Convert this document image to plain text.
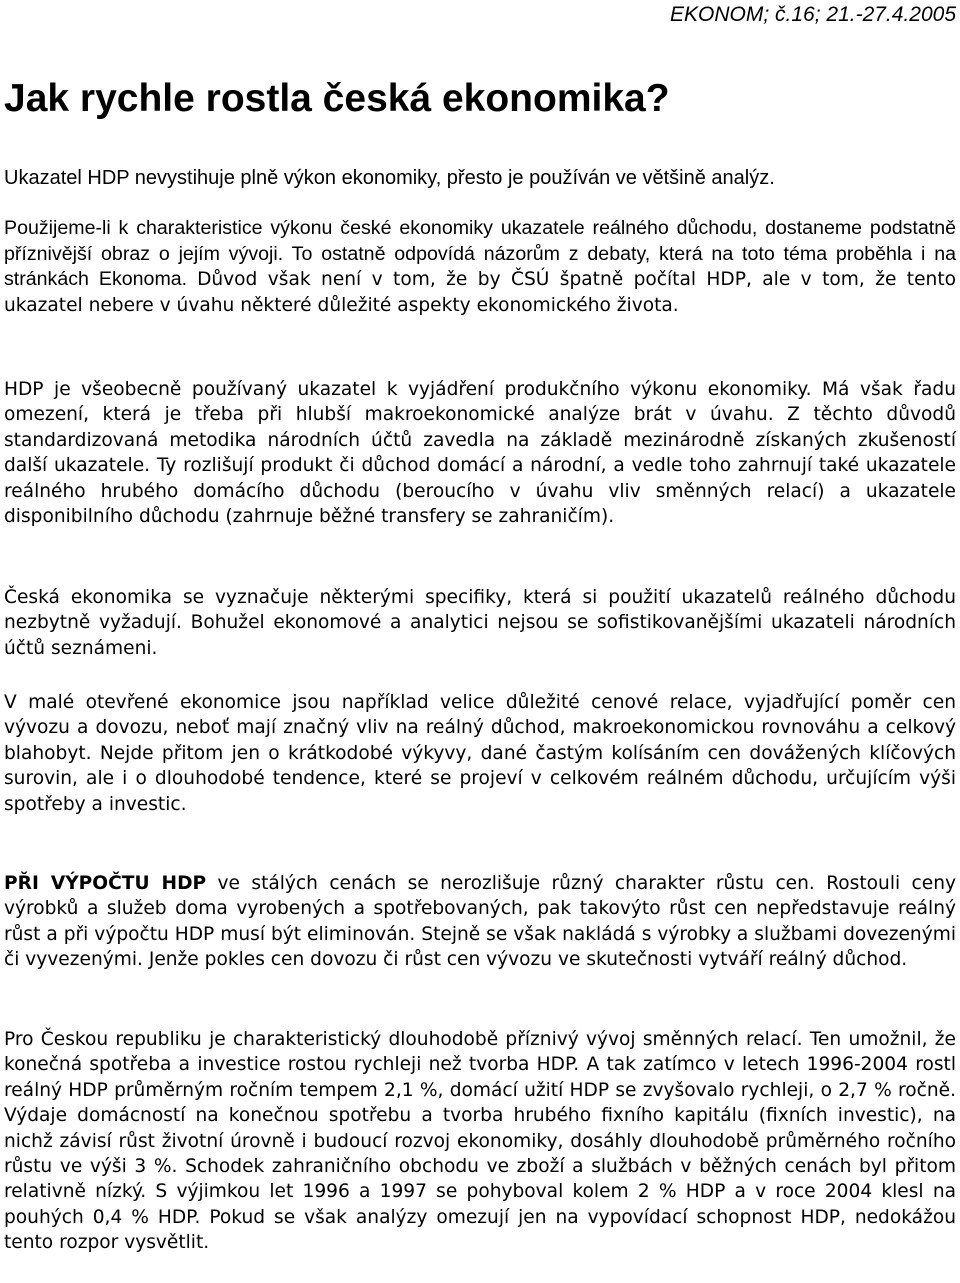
EKONOM; č.16; 21.-27.4.2005
Jak rychle rostla česká ekonomika?
Ukazatel HDP nevystihuje plně výkon ekonomiky, přesto je používán ve většině analýz.

Použijeme-li k charakteristice výkonu české ekonomiky ukazatele reálného důchodu, dostaneme podstatně příznivější obraz o jejím vývoji. To ostatně odpovídá názorům z debaty, která na toto téma proběhla i na stránkách Ekonoma. Důvod však není v tom, že by ČSÚ špatně počítal HDP, ale v tom, že tento ukazatel nebere v úvahu některé důležité aspekty ekonomického života.

HDP je všeobecně používaný ukazatel k vyjádření produkčního výkonu ekonomiky. Má však řadu omezení, která je třeba při hlubší makroekonomické analýze brát v úvahu. Z těchto důvodů standardizovaná metodika národních účtů zavedla na základě mezinárodně získaných zkušeností další ukazatele. Ty rozlišují produkt či důchod domácí a národní, a vedle toho zahrnují také ukazatele reálného hrubého domácího důchodu (beroucího v úvahu vliv směnných relací) a ukazatele disponibilního důchodu (zahrnuje běžné transfery se zahraničím).

Česká ekonomika se vyznačuje některými specifiky, která si použití ukazatelů reálného důchodu nezbytně vyžadují. Bohužel ekonomové a analytici nejsou se sofistikovanějšími ukazateli národních účtů seznámeni.

V malé otevřené ekonomice jsou například velice důležité cenové relace, vyjadřující poměr cen vývozu a dovozu, neboť mají značný vliv na reálný důchod, makroekonomickou rovnováhu a celkový blahobyt. Nejde přitom jen o krátkodobé výkyvy, dané častým kolísáním cen dovážených klíčových surovin, ale i o dlouhodobé tendence, které se projeví v celkovém reálném důchodu, určujícím výši spotřeby a investic.

PŘI VÝPOČTU HDP ve stálých cenách se nerozlišuje různý charakter růstu cen. Rostouli ceny výrobků a služeb doma vyrobených a spotřebovaných, pak takovýto růst cen nepředstavuje reálný růst a při výpočtu HDP musí být eliminován. Stejně se však nakládá s výrobky a službami dovezenými či vyvezenými. Jenže pokles cen dovozu či růst cen vývozu ve skutečnosti vytváří reálný důchod.

Pro Českou republiku je charakteristický dlouhodobě příznivý vývoj směnných relací. Ten umožnil, že konečná spotřeba a investice rostou rychleji než tvorba HDP. A tak zatímco v letech 1996-2004 rostl reálný HDP průměrným ročním tempem 2,1 %, domácí užití HDP se zvyšovalo rychleji, o 2,7 % ročně. Výdaje domácností na konečnou spotřebu a tvorba hrubého fixního kapitálu (fixních investic), na nichž závisí růst životní úrovně i budoucí rozvoj ekonomiky, dosáhly dlouhodobě průměrného ročního růstu ve výši 3 %. Schodek zahraničního obchodu ve zboží a službách v běžných cenách byl přitom relativně nízký. S výjimkou let 1996 a 1997 se pohyboval kolem 2 % HDP a v roce 2004 klesl na pouhých 0,4 % HDP. Pokud se však analýzy omezují jen na vypovídací schopnost HDP, nedokážou tento rozpor vysvětlit.
